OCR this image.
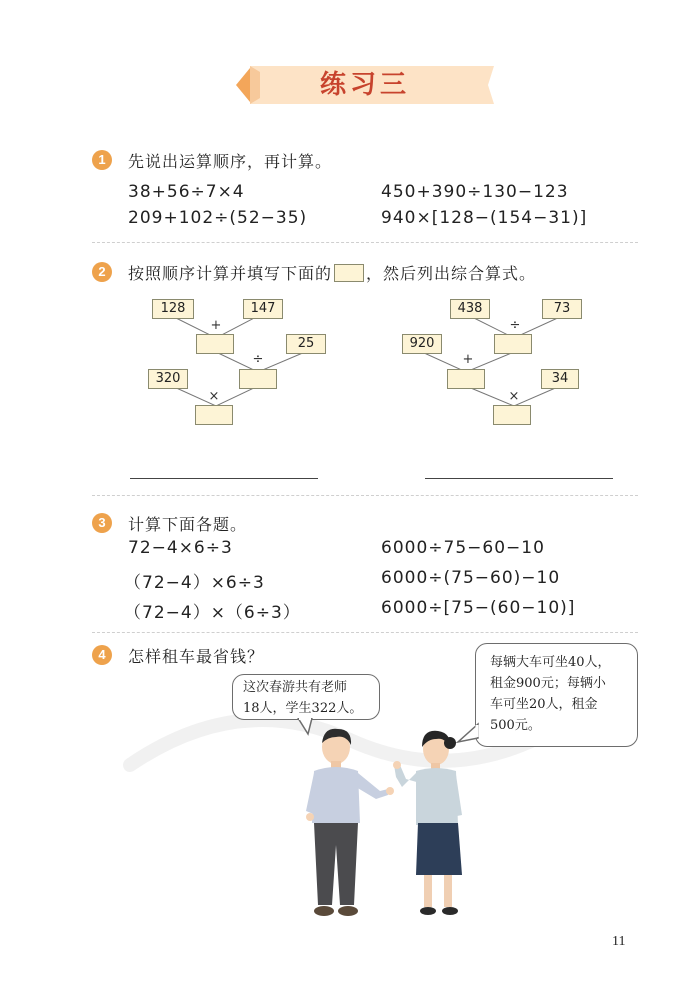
练习三
1	先说出运算顺序，再计算。
38+56÷7×4	450+390÷130−123
209+102÷(52−35)	940×[128−(154−31)]
2	按照顺序计算并填写下面的 ，然后列出综合算式。
128	147
+
25
÷
320
×
438	73
÷
920
+
34
×
3	计算下面各题。
72−4×6÷3	6000÷75−60−10
（72−4）×6÷3	6000÷(75−60)−10
（72−4）×（6÷3）	6000÷[75−(60−10)]
4	怎样租车最省钱？
这次春游共有老师
18人，学生322人。
每辆大车可坐40人，
租金900元；每辆小
车可坐20人，租金
500元。
11
